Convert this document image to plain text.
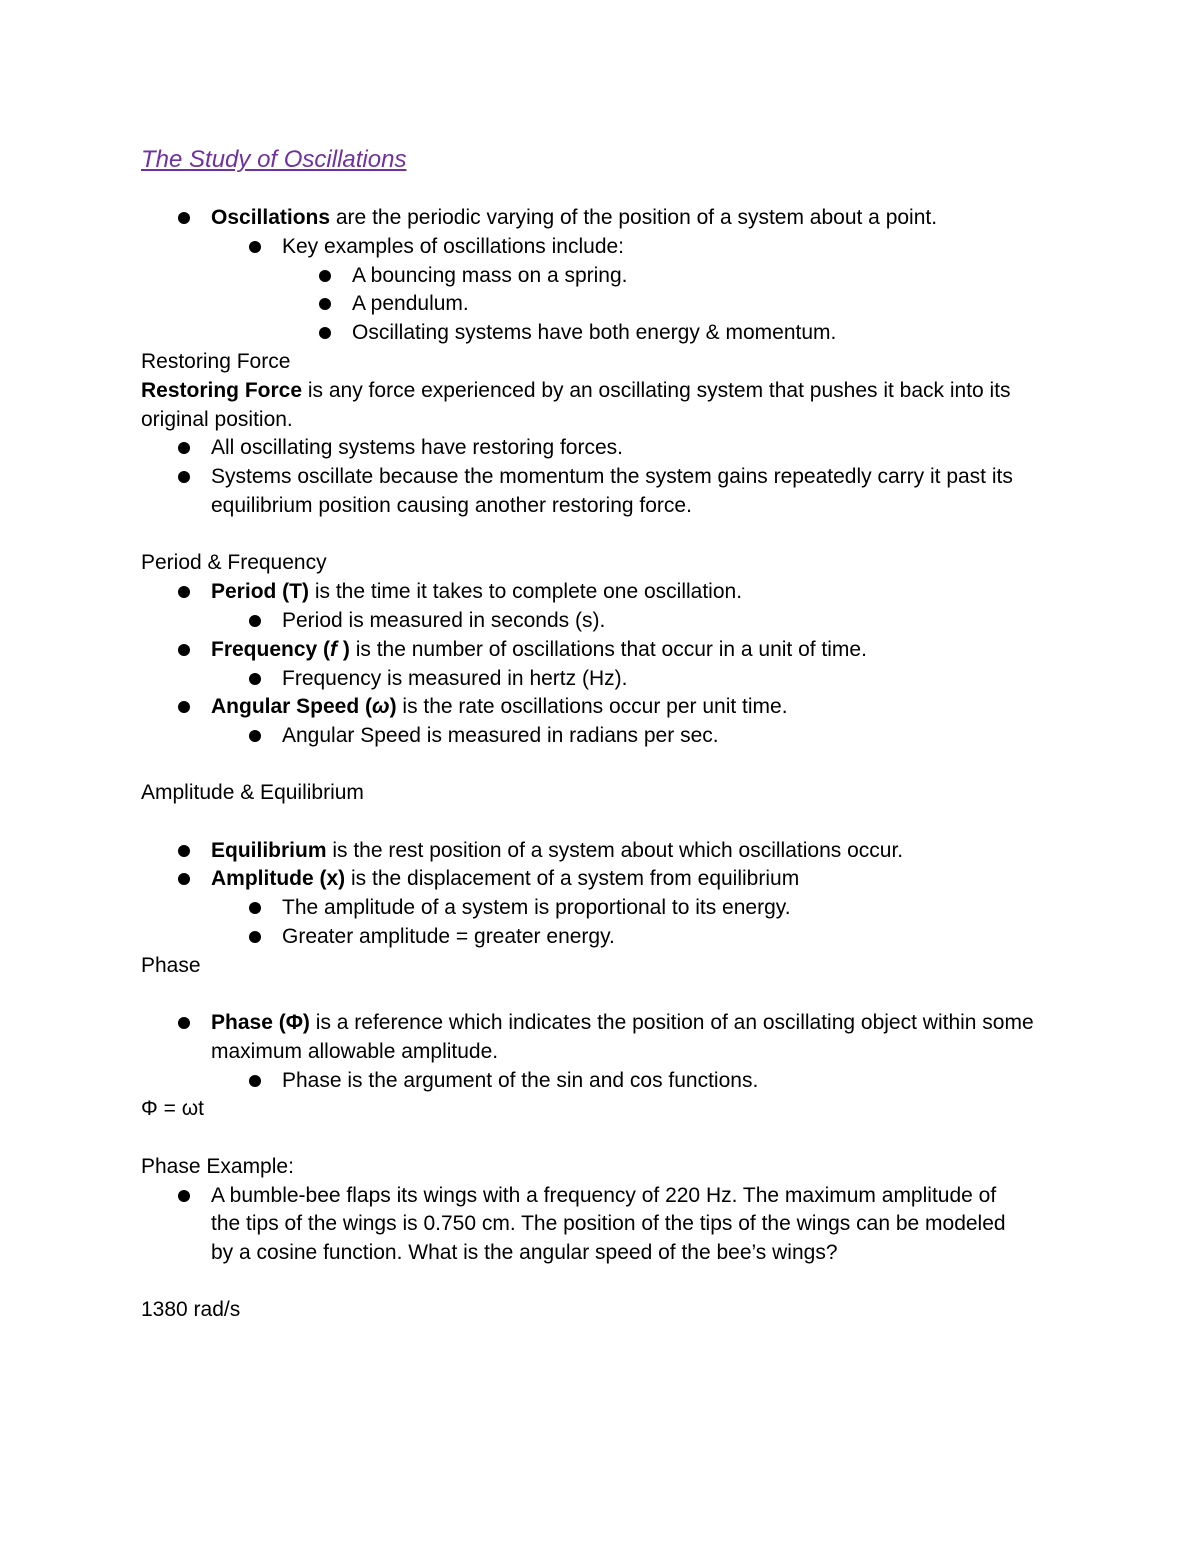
The Study of Oscillations
Oscillations are the periodic varying of the position of a system about a point.
Key examples of oscillations include:
A bouncing mass on a spring.
A pendulum.
Oscillating systems have both energy & momentum.
Restoring Force
Restoring Force is any force experienced by an oscillating system that pushes it back into its
original position.
All oscillating systems have restoring forces.
Systems oscillate because the momentum the system gains repeatedly carry it past its
equilibrium position causing another restoring force.
Period & Frequency
Period (T) is the time it takes to complete one oscillation.
Period is measured in seconds (s).
Frequency (f ) is the number of oscillations that occur in a unit of time.
Frequency is measured in hertz (Hz).
Angular Speed (ω) is the rate oscillations occur per unit time.
Angular Speed is measured in radians per sec.
Amplitude & Equilibrium
Equilibrium is the rest position of a system about which oscillations occur.
Amplitude (x) is the displacement of a system from equilibrium
The amplitude of a system is proportional to its energy.
Greater amplitude = greater energy.
Phase
Phase (Φ) is a reference which indicates the position of an oscillating object within some
maximum allowable amplitude.
Phase is the argument of the sin and cos functions.
Φ = ωt
Phase Example:
A bumble-bee flaps its wings with a frequency of 220 Hz. The maximum amplitude of
the tips of the wings is 0.750 cm. The position of the tips of the wings can be modeled
by a cosine function. What is the angular speed of the bee’s wings?
1380 rad/s
